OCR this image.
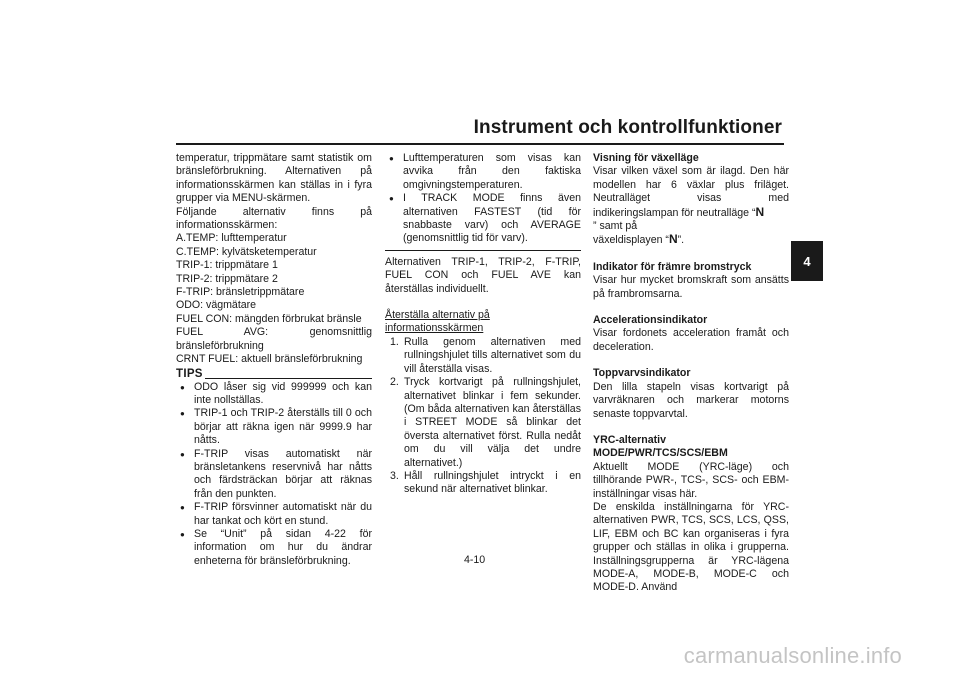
Instrument och kontrollfunktioner
4
temperatur, trippmätare samt statistik om bränsleförbrukning. Alternativen på informationsskärmen kan ställas in i fyra grupper via MENU-skärmen.
Följande alternativ finns på informationsskärmen:
A.TEMP: lufttemperatur
C.TEMP: kylvätsketemperatur
TRIP-1: trippmätare 1
TRIP-2: trippmätare 2
F-TRIP: bränsletrippmätare
ODO: vägmätare
FUEL CON: mängden förbrukat bränsle
FUEL AVG: genomsnittlig bränsleförbrukning
CRNT FUEL: aktuell bränsleförbrukning
TIPS
● ODO låser sig vid 999999 och kan inte nollställas.
● TRIP-1 och TRIP-2 återställs till 0 och börjar att räkna igen när 9999.9 har nåtts.
● F-TRIP visas automatiskt när bränsletankens reservnivå har nåtts och färdsträckan börjar att räknas från den punkten.
● F-TRIP försvinner automatiskt när du har tankat och kört en stund.
● Se “Unit” på sidan 4-22 för information om hur du ändrar enheterna för bränsleförbrukning.
● Lufttemperaturen som visas kan avvika från den faktiska omgivningstemperaturen.
● I TRACK MODE finns även alternativen FASTEST (tid för snabbaste varv) och AVERAGE (genomsnittlig tid för varv).
Alternativen TRIP-1, TRIP-2, F-TRIP, FUEL CON och FUEL AVE kan återställas individuellt.
Återställa alternativ på informationsskärmen
1. Rulla genom alternativen med rullningshjulet tills alternativet som du vill återställa visas.
2. Tryck kortvarigt på rullningshjulet, alternativet blinkar i fem sekunder. (Om båda alternativen kan återställas i STREET MODE så blinkar det översta alternativet först. Rulla nedåt om du vill välja det undre alternativet.)
3. Håll rullningshjulet intryckt i en sekund när alternativet blinkar.
Visning för växelläge
Visar vilken växel som är ilagd. Den här modellen har 6 växlar plus friläget. Neutralläget visas med indikeringslampan för neutralläge “N
” samt på
växeldisplayen “N”.
Indikator för främre bromstryck
Visar hur mycket bromskraft som ansätts på frambromsarna.
Accelerationsindikator
Visar fordonets acceleration framåt och deceleration.
Toppvarvsindikator
Den lilla stapeln visas kortvarigt på varvräknaren och markerar motorns senaste toppvarvtal.
YRC-alternativ
MODE/PWR/TCS/SCS/EBM
Aktuellt MODE (YRC-läge) och tillhörande PWR-, TCS-, SCS- och EBM-inställningar visas här.
De enskilda inställningarna för YRC-alternativen PWR, TCS, SCS, LCS, QSS, LIF, EBM och BC kan organiseras i fyra grupper och ställas in olika i grupperna. Inställningsgrupperna är YRC-lägena MODE-A, MODE-B, MODE-C och MODE-D. Använd
4-10
carmanualsonline.info
